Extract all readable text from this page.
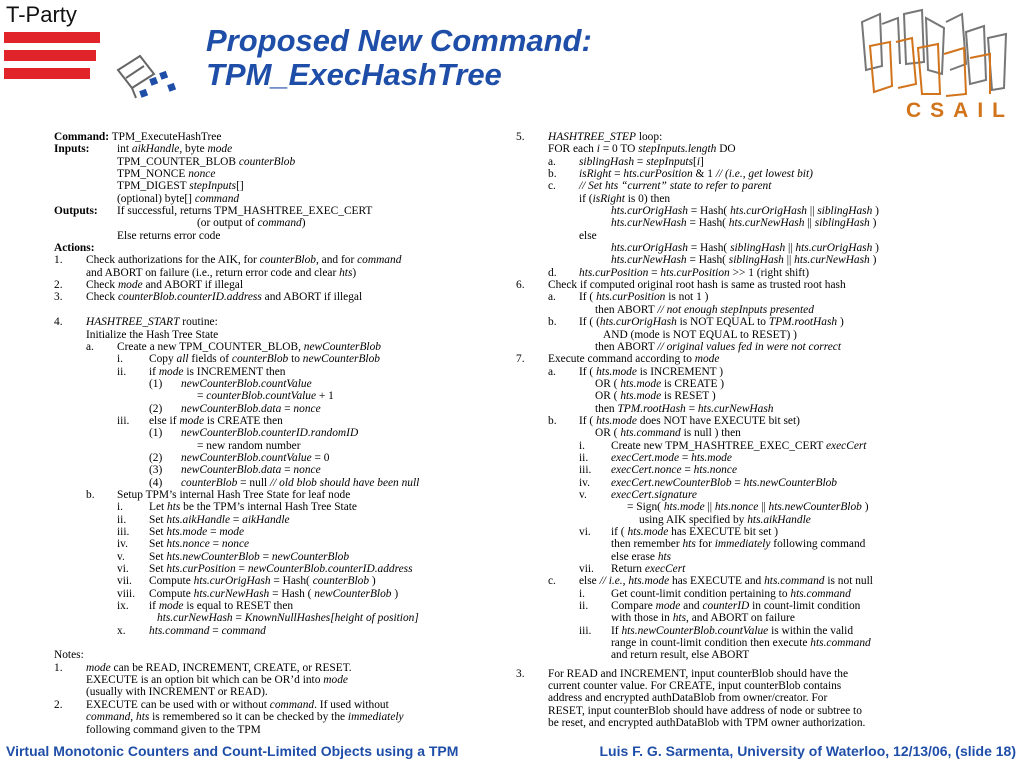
T-Party
Proposed New Command:
TPM_ExecHashTree
CSAIL
Command: TPM_ExecuteHashTree
Inputs: int aikHandle, byte mode
TPM_COUNTER_BLOB counterBlob
TPM_NONCE nonce
TPM_DIGEST stepInputs[]
(optional) byte[] command
Outputs: If successful, returns TPM_HASHTREE_EXEC_CERT
(or output of command)
Else returns error code
Actions:
1. Check authorizations for the AIK, for counterBlob, and for command
and ABORT on failure (i.e., return error code and clear hts)
2. Check mode and ABORT if illegal
3. Check counterBlob.counterID.address and ABORT if illegal
4. HASHTREE_START routine:
Initialize the Hash Tree State
a. Create a new TPM_COUNTER_BLOB, newCounterBlob
i. Copy all fields of counterBlob to newCounterBlob
ii. if mode is INCREMENT then
(1) newCounterBlob.countValue
= counterBlob.countValue + 1
(2) newCounterBlob.data = nonce
iii. else if mode is CREATE then
(1) newCounterBlob.counterID.randomID
= new random number
(2) newCounterBlob.countValue = 0
(3) newCounterBlob.data = nonce
(4) counterBlob = null // old blob should have been null
b. Setup TPM’s internal Hash Tree State for leaf node
i. Let hts be the TPM’s internal Hash Tree State
ii. Set hts.aikHandle = aikHandle
iii. Set hts.mode = mode
iv. Set hts.nonce = nonce
v. Set hts.newCounterBlob = newCounterBlob
vi. Set hts.curPosition = newCounterBlob.counterID.address
vii. Compute hts.curOrigHash = Hash( counterBlob )
viii. Compute hts.curNewHash = Hash ( newCounterBlob )
ix. if mode is equal to RESET then
hts.curNewHash = KnownNullHashes[height of position]
x. hts.command = command
Notes:
1. mode can be READ, INCREMENT, CREATE, or RESET.
EXECUTE is an option bit which can be OR’d into mode
(usually with INCREMENT or READ).
2. EXECUTE can be used with or without command. If used without
command, hts is remembered so it can be checked by the immediately
following command given to the TPM
5. HASHTREE_STEP loop:
FOR each i = 0 TO stepInputs.length DO
a. siblingHash = stepInputs[i]
b. isRight = hts.curPosition & 1 // (i.e., get lowest bit)
c. // Set hts “current” state to refer to parent
if (isRight is 0) then
hts.curOrigHash = Hash( hts.curOrigHash || siblingHash )
hts.curNewHash = Hash( hts.curNewHash || siblingHash )
else
hts.curOrigHash = Hash( siblingHash || hts.curOrigHash )
hts.curNewHash = Hash( siblingHash || hts.curNewHash )
d. hts.curPosition = hts.curPosition >> 1 (right shift)
6. Check if computed original root hash is same as trusted root hash
a. If ( hts.curPosition is not 1 )
then ABORT // not enough stepInputs presented
b. If ( (hts.curOrigHash is NOT EQUAL to TPM.rootHash )
AND (mode is NOT EQUAL to RESET) )
then ABORT // original values fed in were not correct
7. Execute command according to mode
a. If ( hts.mode is INCREMENT )
OR ( hts.mode is CREATE )
OR ( hts.mode is RESET )
then TPM.rootHash = hts.curNewHash
b. If ( hts.mode does NOT have EXECUTE bit set)
OR ( hts.command is null ) then
i. Create new TPM_HASHTREE_EXEC_CERT execCert
ii. execCert.mode = hts.mode
iii. execCert.nonce = hts.nonce
iv. execCert.newCounterBlob = hts.newCounterBlob
v. execCert.signature
= Sign( hts.mode || hts.nonce || hts.newCounterBlob )
using AIK specified by hts.aikHandle
vi. if ( hts.mode has EXECUTE bit set )
then remember hts for immediately following command
else erase hts
vii. Return execCert
c. else // i.e., hts.mode has EXECUTE and hts.command is not null
i. Get count-limit condition pertaining to hts.command
ii. Compare mode and counterID in count-limit condition
with those in hts, and ABORT on failure
iii. If hts.newCounterBlob.countValue is within the valid
range in count-limit condition then execute hts.command
and return result, else ABORT
3. For READ and INCREMENT, input counterBlob should have the
current counter value. For CREATE, input counterBlob contains
address and encrypted authDataBlob from owner/creator. For
RESET, input counterBlob should have address of node or subtree to
be reset, and encrypted authDataBlob with TPM owner authorization.
Virtual Monotonic Counters and Count-Limited Objects using a TPM	Luis F. G. Sarmenta, University of Waterloo, 12/13/06, (slide 18)
